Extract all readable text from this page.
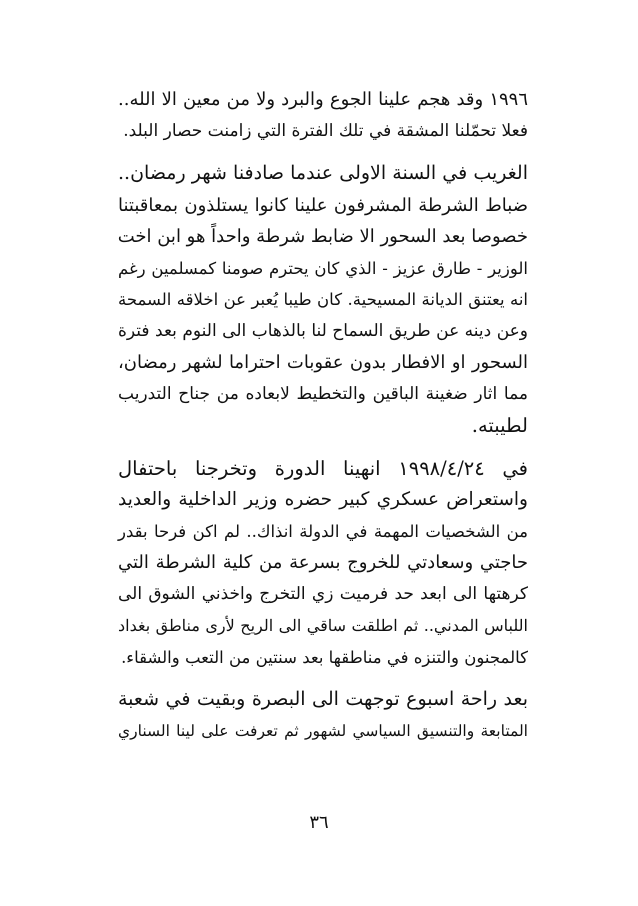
١٩٩٦ وقد هجم علينا الجوع والبرد ولا من معين الا الله..
فعلا تحمّلنا المشقة في تلك الفترة التي زامنت حصار البلد.
الغريب في السنة الاولى عندما صادفنا شهر رمضان..
ضباط الشرطة المشرفون علينا كانوا يستلذون بمعاقبتنا
خصوصا بعد السحور الا ضابط شرطة واحداً هو ابن اخت
الوزير - طارق عزيز - الذي كان يحترم صومنا كمسلمين رغم
انه يعتنق الديانة المسيحية. كان طيبا يُعبر عن اخلاقه السمحة
وعن دينه عن طريق السماح لنا بالذهاب الى النوم بعد فترة
السحور او الافطار بدون عقوبات احتراما لشهر رمضان،
مما اثار ضغينة الباقين والتخطيط لابعاده من جناح التدريب
لطيبته.
في ١٩٩٨/٤/٢٤ انهينا الدورة وتخرجنا باحتفال
واستعراض عسكري كبير حضره وزير الداخلية والعديد
من الشخصيات المهمة في الدولة انذاك.. لم اكن فرحا بقدر
حاجتي وسعادتي للخروج بسرعة من كلية الشرطة التي
كرهتها الى ابعد حد فرميت زي التخرج واخذني الشوق الى
اللباس المدني.. ثم اطلقت ساقي الى الريح لأرى مناطق بغداد
كالمجنون والتنزه في مناطقها بعد سنتين من التعب والشقاء.
بعد راحة اسبوع توجهت الى البصرة وبقيت في شعبة
المتابعة والتنسيق السياسي لشهور ثم تعرفت على لينا السناري
٣٦
